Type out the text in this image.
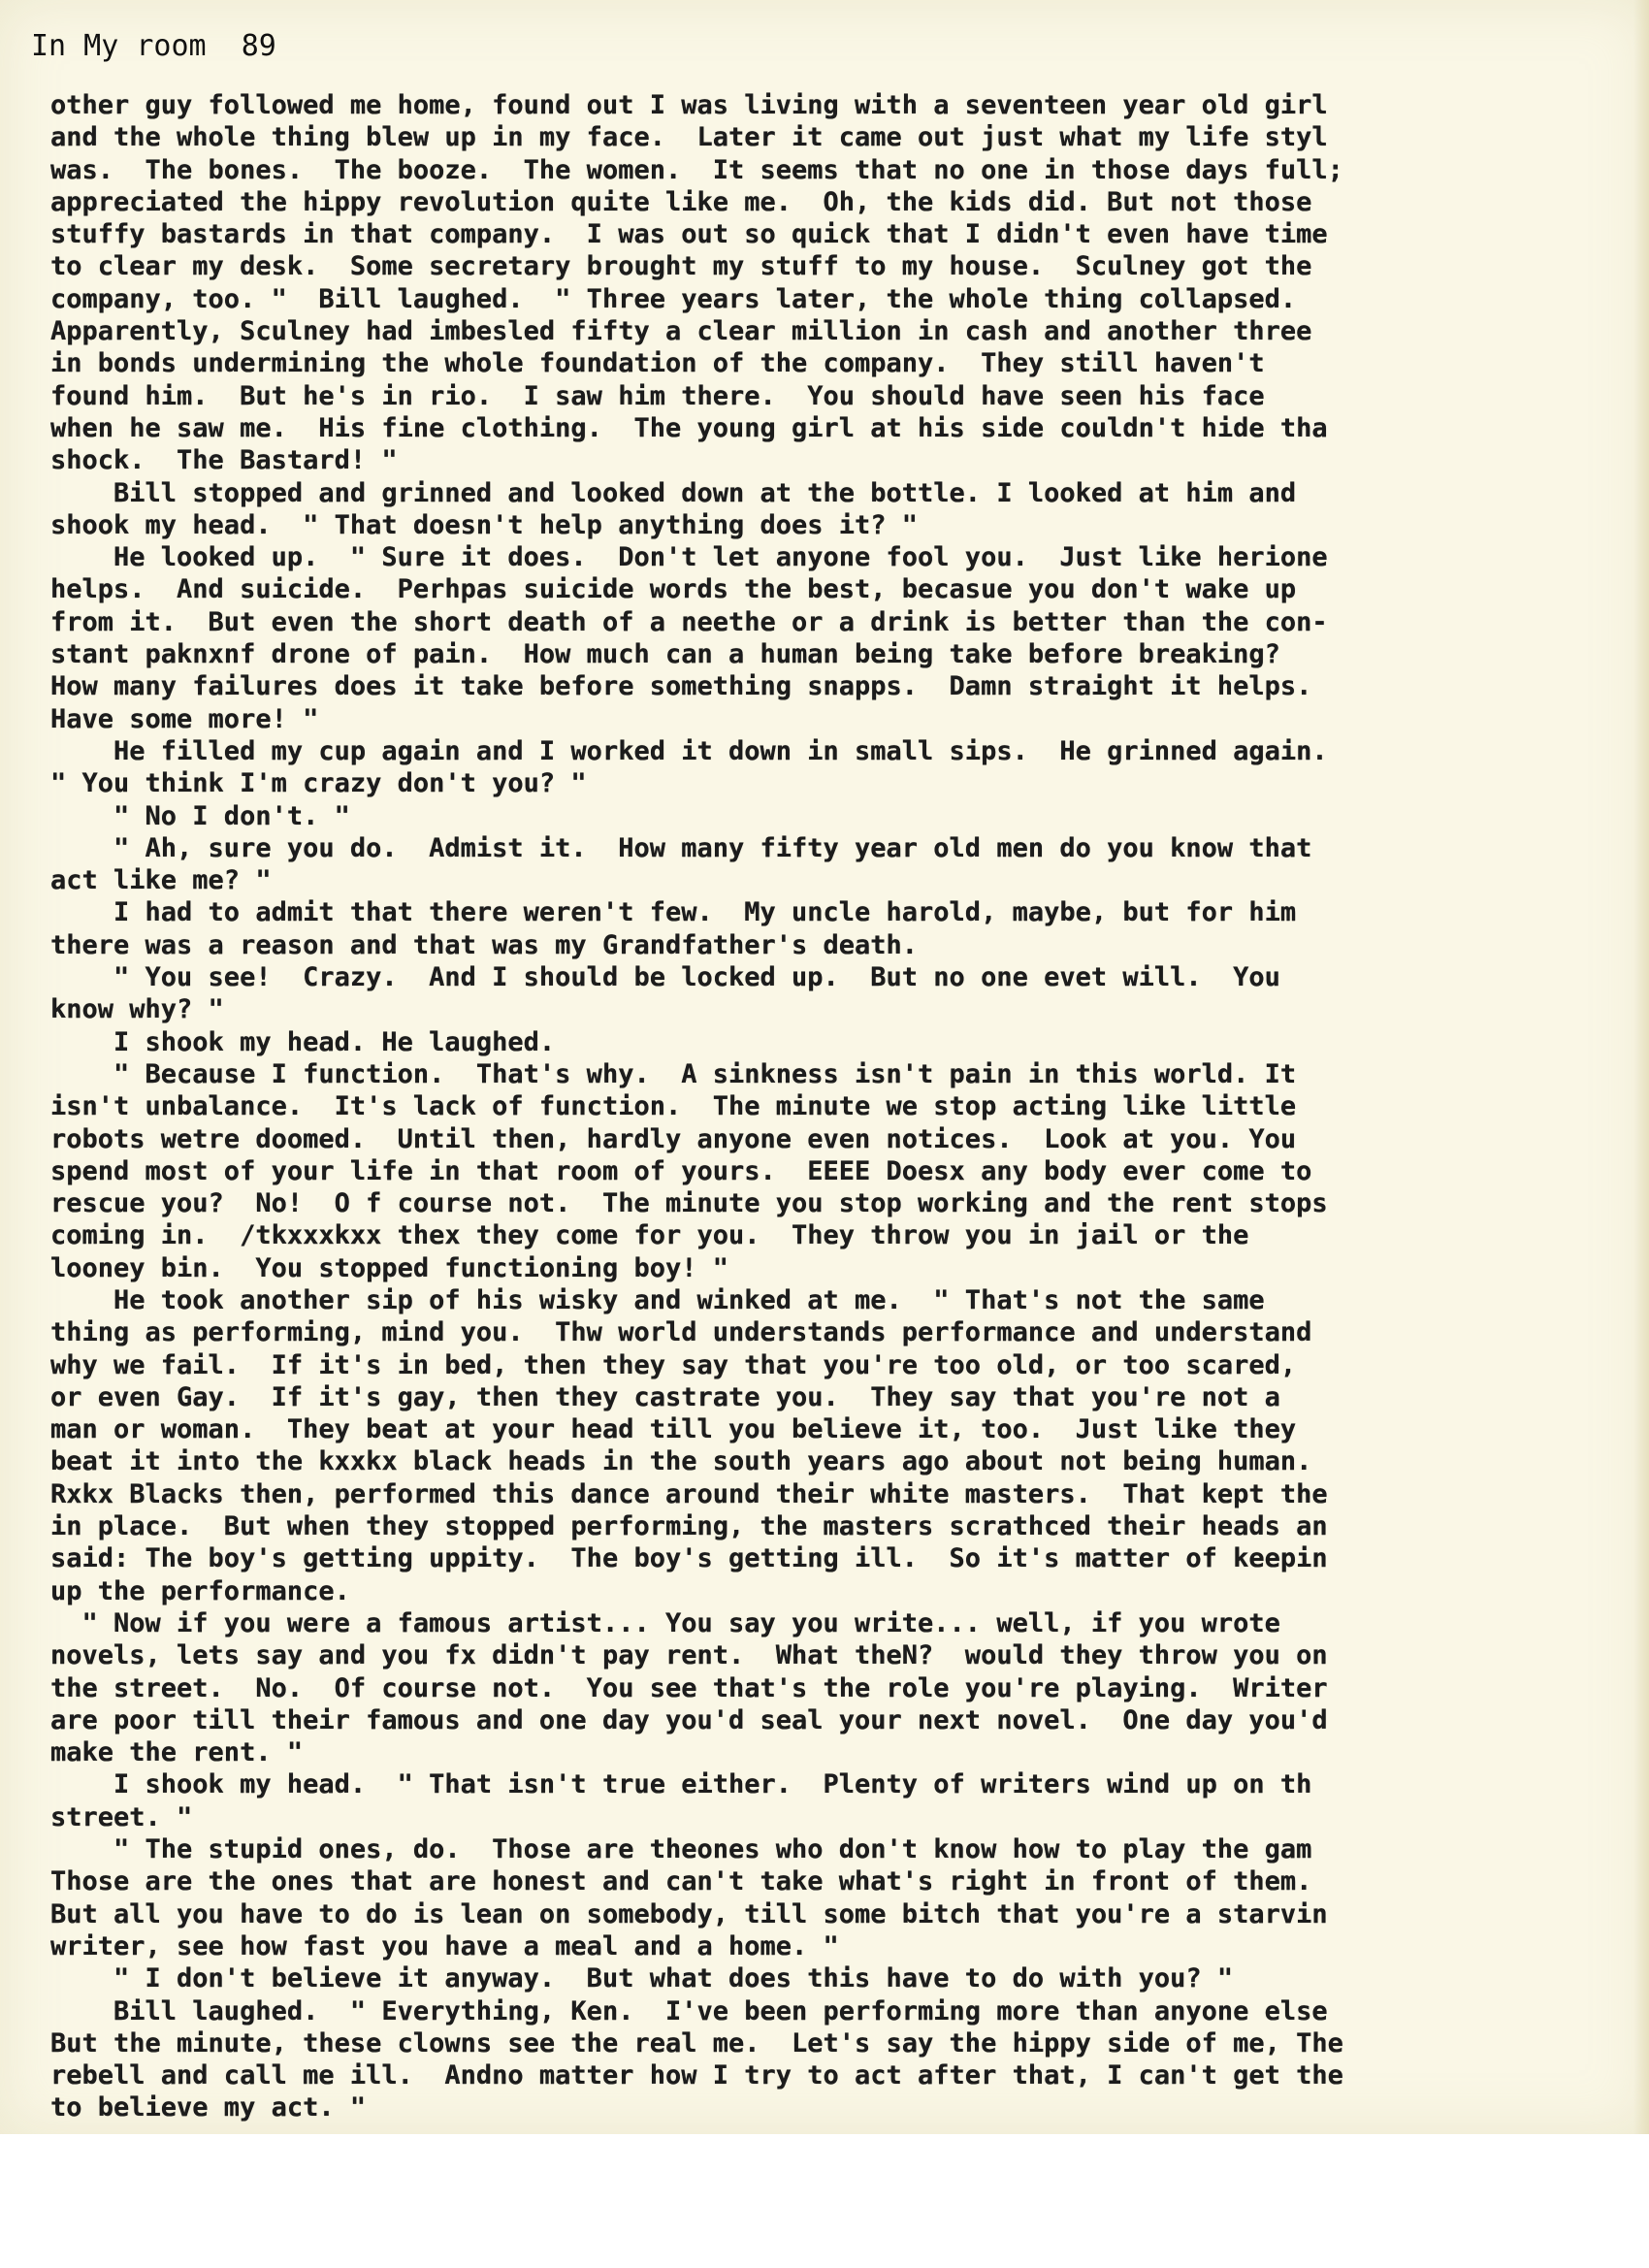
In My room  89
other guy followed me home, found out I was living with a seventeen year old girl
and the whole thing blew up in my face.  Later it came out just what my life styl
was.  The bones.  The booze.  The women.  It seems that no one in those days full;
appreciated the hippy revolution quite like me.  Oh, the kids did. But not those
stuffy bastards in that company.  I was out so quick that I didn't even have time
to clear my desk.  Some secretary brought my stuff to my house.  Sculney got the
company, too. "  Bill laughed.  " Three years later, the whole thing collapsed.
Apparently, Sculney had imbesled fifty a clear million in cash and another three
in bonds undermining the whole foundation of the company.  They still haven't
found him.  But he's in rio.  I saw him there.  You should have seen his face
when he saw me.  His fine clothing.  The young girl at his side couldn't hide tha
shock.  The Bastard! "
Bill stopped and grinned and looked down at the bottle. I looked at him and
shook my head.  " That doesn't help anything does it? "
He looked up.  " Sure it does.  Don't let anyone fool you.  Just like herione
helps.  And suicide.  Perhpas suicide words the best, becasue you don't wake up
from it.  But even the short death of a neethe or a drink is better than the con-
stant paknxnf drone of pain.  How much can a human being take before breaking?
How many failures does it take before something snapps.  Damn straight it helps.
Have some more! "
He filled my cup again and I worked it down in small sips.  He grinned again.
" You think I'm crazy don't you? "
" No I don't. "
" Ah, sure you do.  Admist it.  How many fifty year old men do you know that
act like me? "
I had to admit that there weren't few.  My uncle harold, maybe, but for him
there was a reason and that was my Grandfather's death.
" You see!  Crazy.  And I should be locked up.  But no one evet will.  You
know why? "
I shook my head. He laughed.
" Because I function.  That's why.  A sinkness isn't pain in this world. It
isn't unbalance.  It's lack of function.  The minute we stop acting like little
robots wetre doomed.  Until then, hardly anyone even notices.  Look at you. You
spend most of your life in that room of yours.  EEEE Doesx any body ever come to
rescue you?  No!  O f course not.  The minute you stop working and the rent stops
coming in.  /tkxxxkxx thex they come for you.  They throw you in jail or the
looney bin.  You stopped functioning boy! "
He took another sip of his wisky and winked at me.  " That's not the same
thing as performing, mind you.  Thw world understands performance and understand
why we fail.  If it's in bed, then they say that you're too old, or too scared,
or even Gay.  If it's gay, then they castrate you.  They say that you're not a
man or woman.  They beat at your head till you believe it, too.  Just like they
beat it into the kxxkx black heads in the south years ago about not being human.
Rxkx Blacks then, performed this dance around their white masters.  That kept the
in place.  But when they stopped performing, the masters scrathced their heads an
said: The boy's getting uppity.  The boy's getting ill.  So it's matter of keepin
up the performance.
" Now if you were a famous artist... You say you write... well, if you wrote
novels, lets say and you fx didn't pay rent.  What theN?  would they throw you on
the street.  No.  Of course not.  You see that's the role you're playing.  Writer
are poor till their famous and one day you'd seal your next novel.  One day you'd
make the rent. "
I shook my head.  " That isn't true either.  Plenty of writers wind up on th
street. "
" The stupid ones, do.  Those are theones who don't know how to play the gam
Those are the ones that are honest and can't take what's right in front of them.
But all you have to do is lean on somebody, till some bitch that you're a starvin
writer, see how fast you have a meal and a home. "
" I don't believe it anyway.  But what does this have to do with you? "
Bill laughed.  " Everything, Ken.  I've been performing more than anyone else
But the minute, these clowns see the real me.  Let's say the hippy side of me, The
rebell and call me ill.  Andno matter how I try to act after that, I can't get the
to believe my act. "
